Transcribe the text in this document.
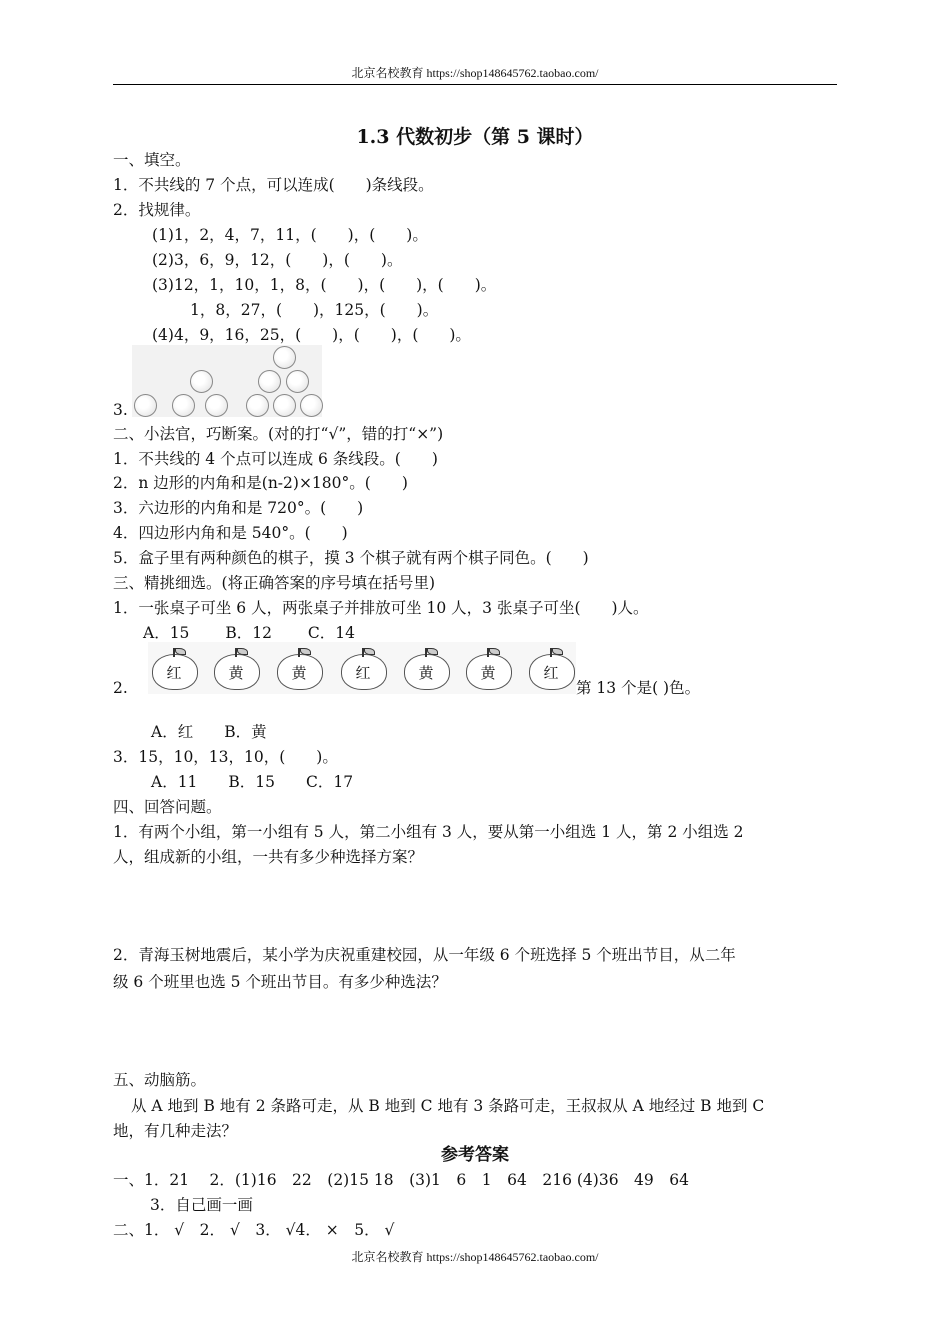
北京名校教育 https://shop148645762.taobao.com/
1.3 代数初步（第 5 课时）
一、填空。
1．不共线的 7 个点，可以连成(　　)条线段。
2．找规律。
(1)1，2，4，7，11，(　　)，(　　)。
(2)3，6，9，12，(　　)，(　　)。
(3)12，1，10，1，8，(　　)，(　　)，(　　)。
1，8，27，(　　)，125，(　　)。
(4)4，9，16，25，(　　)，(　　)，(　　)。
3.
二、小法官，巧断案。(对的打“√”，错的打“×”)
1．不共线的 4 个点可以连成 6 条线段。(　　)
2．n 边形的内角和是(n-2)×180°。(　　)
3．六边形的内角和是 720°。(　　)
4．四边形内角和是 540°。(　　)
5．盒子里有两种颜色的棋子，摸 3 个棋子就有两个棋子同色。(　　)
三、精挑细选。(将正确答案的序号填在括号里)
1．一张桌子可坐 6 人，两张桌子并排放可坐 10 人，3 张桌子可坐(　　)人。
A．15　　 B．12　　 C．14
2.
红	黄	黄	红	黄	黄	红
第 13 个是( )色。
A．红　　B．黄
3．15，10，13，10，(　　)。
A．11　　B．15　　C．17
四、回答问题。
1．有两个小组，第一小组有 5 人，第二小组有 3 人，要从第一小组选 1 人，第 2 小组选 2
人，组成新的小组，一共有多少种选择方案？
2．青海玉树地震后，某小学为庆祝重建校园，从一年级 6 个班选择 5 个班出节目，从二年
级 6 个班里也选 5 个班出节目。有多少种选法？
五、动脑筋。
从 A 地到 B 地有 2 条路可走，从 B 地到 C 地有 3 条路可走，王叔叔从 A 地经过 B 地到 C
地，有几种走法？
参考答案
一、1．21　 2．(1)16　22　(2)15 18　(3)1　6　1　64　216 (4)36　49　64
3．自己画一画
二、1． √　2． √　3． √4． ×　5． √
北京名校教育 https://shop148645762.taobao.com/
